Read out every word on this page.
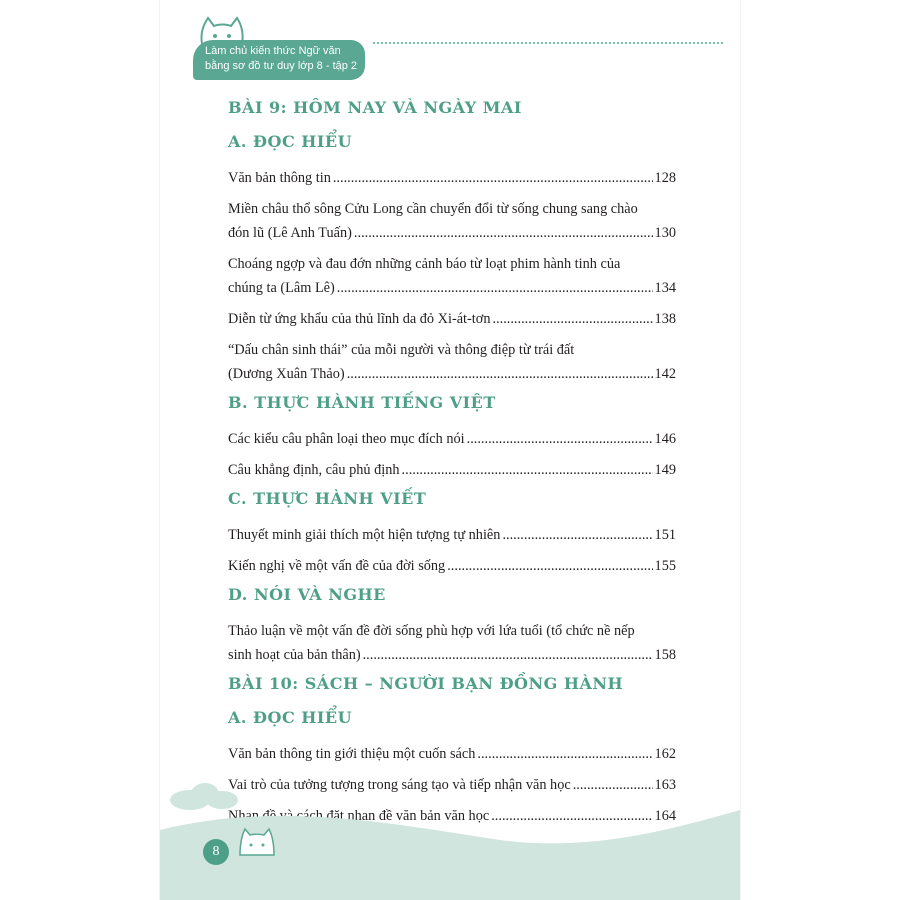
Làm chủ kiến thức Ngữ văn
bằng sơ đồ tư duy lớp 8 - tập 2
BÀI 9: HÔM NAY VÀ NGÀY MAI
A. ĐỌC HIỂU
Văn bản thông tin .....	128
Miền châu thổ sông Cửu Long cần chuyển đổi từ sống chung sang chào
đón lũ (Lê Anh Tuấn) .....	130
Choáng ngợp và đau đớn những cảnh báo từ loạt phim hành tinh của
chúng ta (Lâm Lê) .....	134
Diễn từ ứng khẩu của thủ lĩnh da đỏ Xi-át-tơn .....	138
“Dấu chân sinh thái” của mỗi người và thông điệp từ trái đất
(Dương Xuân Thảo) .....	142
B. THỰC HÀNH TIẾNG VIỆT
Các kiểu câu phân loại theo mục đích nói .....	146
Câu khẳng định, câu phủ định .....	149
C. THỰC HÀNH VIẾT
Thuyết minh giải thích một hiện tượng tự nhiên .....	151
Kiến nghị về một vấn đề của đời sống .....	155
D. NÓI VÀ NGHE
Thảo luận về một vấn đề đời sống phù hợp với lứa tuổi (tổ chức nề nếp
sinh hoạt của bản thân) .....	158
BÀI 10: SÁCH – NGƯỜI BẠN ĐỒNG HÀNH
A. ĐỌC HIỂU
Văn bản thông tin giới thiệu một cuốn sách .....	162
Vai trò của tưởng tượng trong sáng tạo và tiếp nhận văn học .....	163
Nhan đề và cách đặt nhan đề văn bản văn học .....	164
8
